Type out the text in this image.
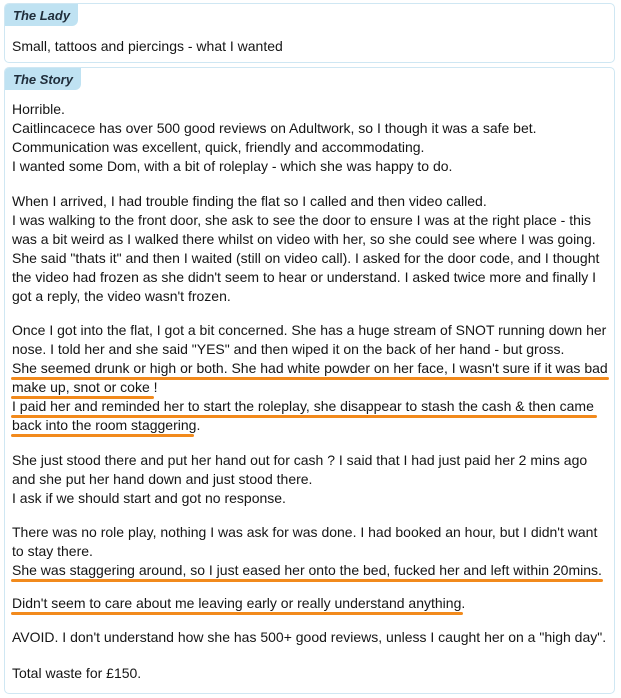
The Lady
Small, tattoos and piercings - what I wanted
The Story
Horrible.
Caitlincacece has over 500 good reviews on Adultwork, so I though it was a safe bet.
Communication was excellent, quick, friendly and accommodating.
I wanted some Dom, with a bit of roleplay - which she was happy to do.
When I arrived, I had trouble finding the flat so I called and then video called.
I was walking to the front door, she ask to see the door to ensure I was at the right place - this
was a bit weird as I walked there whilst on video with her, so she could see where I was going.
She said "thats it" and then I waited (still on video call). I asked for the door code, and I thought
the video had frozen as she didn't seem to hear or understand. I asked twice more and finally I
got a reply, the video wasn't frozen.
Once I got into the flat, I got a bit concerned. She has a huge stream of SNOT running down her
nose. I told her and she said "YES" and then wiped it on the back of her hand - but gross.
She seemed drunk or high or both. She had white powder on her face, I wasn't sure if it was bad
make up, snot or coke !
I paid her and reminded her to start the roleplay, she disappear to stash the cash & then came
back into the room staggering.
She just stood there and put her hand out for cash ? I said that I had just paid her 2 mins ago
and she put her hand down and just stood there.
I ask if we should start and got no response.
There was no role play, nothing I was ask for was done. I had booked an hour, but I didn't want
to stay there.
She was staggering around, so I just eased her onto the bed, fucked her and left within 20mins.
Didn't seem to care about me leaving early or really understand anything.
AVOID. I don't understand how she has 500+ good reviews, unless I caught her on a "high day".
Total waste for £150.
